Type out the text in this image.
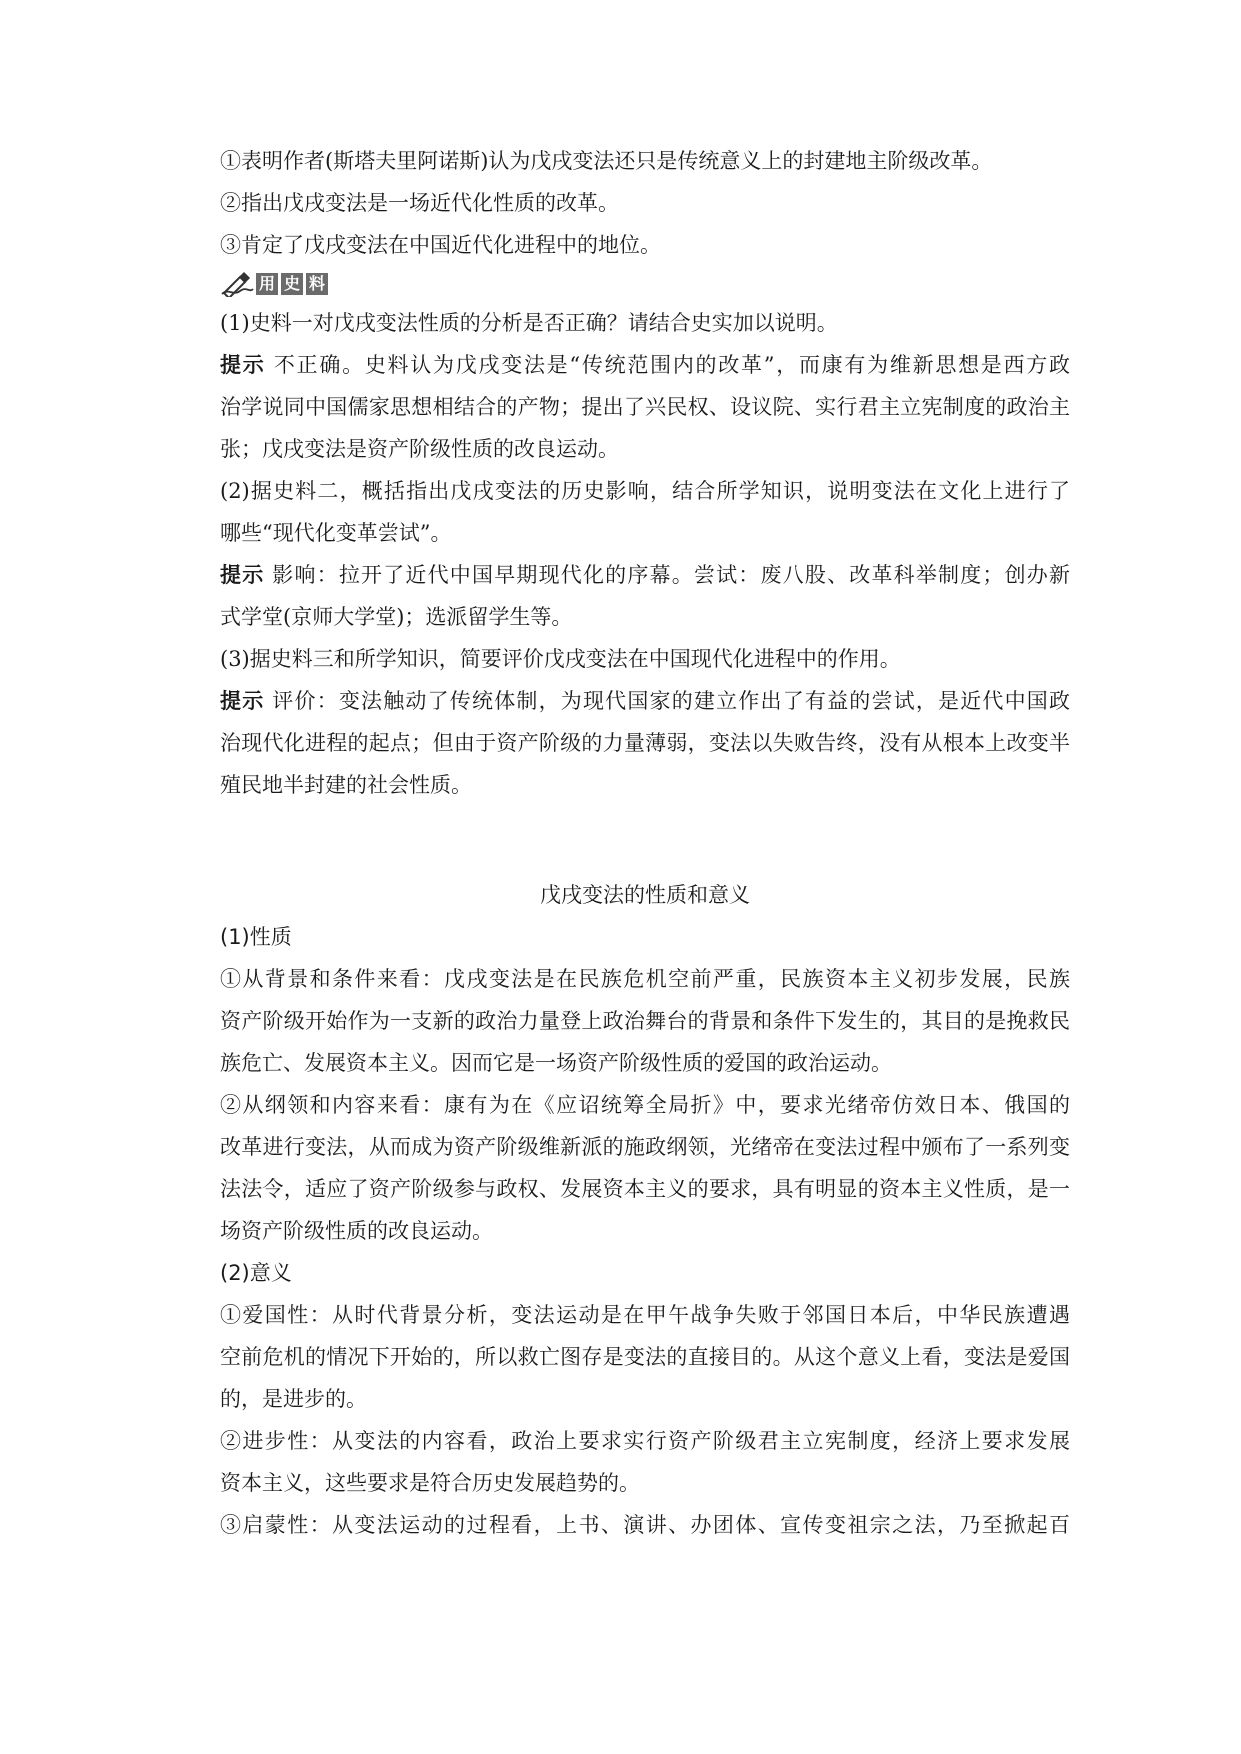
①表明作者(斯塔夫里阿诺斯)认为戊戌变法还只是传统意义上的封建地主阶级改革。

②指出戊戌变法是一场近代化性质的改革。

③肯定了戊戌变法在中国近代化进程中的地位。

用 史 料

(1)史料一对戊戌变法性质的分析是否正确？请结合史实加以说明。

提示 不正确。史料认为戊戌变法是“传统范围内的改革”，而康有为维新思想是西方政
治学说同中国儒家思想相结合的产物；提出了兴民权、设议院、实行君主立宪制度的政治主
张；戊戌变法是资产阶级性质的改良运动。
(2)据史料二，概括指出戊戌变法的历史影响，结合所学知识，说明变法在文化上进行了
哪些“现代化变革尝试”。
提示 影响：拉开了近代中国早期现代化的序幕。尝试：废八股、改革科举制度；创办新
式学堂(京师大学堂)；选派留学生等。

(3)据史料三和所学知识，简要评价戊戌变法在中国现代化进程中的作用。

提示 评价：变法触动了传统体制，为现代国家的建立作出了有益的尝试，是近代中国政
治现代化进程的起点；但由于资产阶级的力量薄弱，变法以失败告终，没有从根本上改变半
殖民地半封建的社会性质。
戊戌变法的性质和意义
(1)性质
①从背景和条件来看：戊戌变法是在民族危机空前严重，民族资本主义初步发展，民族
资产阶级开始作为一支新的政治力量登上政治舞台的背景和条件下发生的，其目的是挽救民
族危亡、发展资本主义。因而它是一场资产阶级性质的爱国的政治运动。
②从纲领和内容来看：康有为在《应诏统筹全局折》中，要求光绪帝仿效日本、俄国的
改革进行变法，从而成为资产阶级维新派的施政纲领，光绪帝在变法过程中颁布了一系列变
法法令，适应了资产阶级参与政权、发展资本主义的要求，具有明显的资本主义性质，是一
场资产阶级性质的改良运动。
(2)意义
①爱国性：从时代背景分析，变法运动是在甲午战争失败于邻国日本后，中华民族遭遇
空前危机的情况下开始的，所以救亡图存是变法的直接目的。从这个意义上看，变法是爱国
的，是进步的。
②进步性：从变法的内容看，政治上要求实行资产阶级君主立宪制度，经济上要求发展
资本主义，这些要求是符合历史发展趋势的。
③启蒙性：从变法运动的过程看，上书、演讲、办团体、宣传变祖宗之法，乃至掀起百
